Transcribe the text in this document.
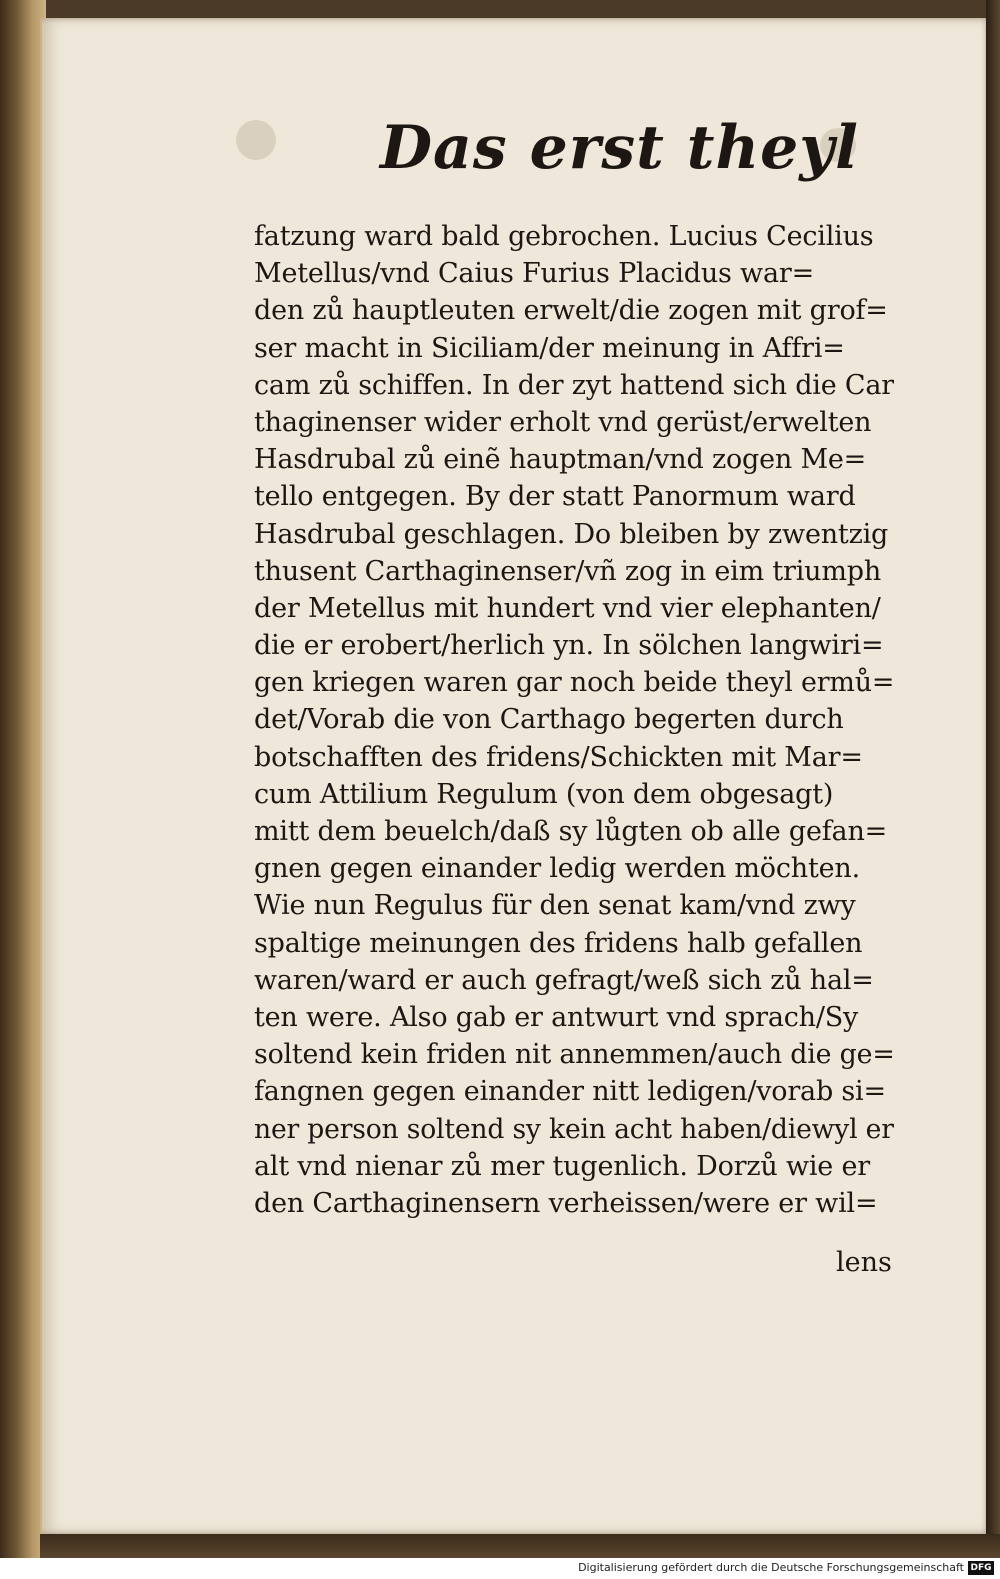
Das erst theyl
fatzung ward bald gebrochen. Lucius Cecilius
Metellus/vnd Caius Furius Placidus war=
den zů hauptleuten erwelt/die zogen mit grof=
ser macht in Siciliam/der meinung in Affri=
cam zů schiffen. In der zyt hattend sich die Car
thaginenser wider erholt vnd gerüst/erwelten
Hasdrubal zů einẽ hauptman/vnd zogen Me=
tello entgegen. By der statt Panormum ward
Hasdrubal geschlagen. Do bleiben by zwentzig
thusent Carthaginenser/vñ zog in eim triumph
der Metellus mit hundert vnd vier elephanten/
die er erobert/herlich yn. In sölchen langwiri=
gen kriegen waren gar noch beide theyl ermů=
det/Vorab die von Carthago begerten durch
botschafften des fridens/Schickten mit Mar=
cum Attilium Regulum (von dem obgesagt)
mitt dem beuelch/daß sy lůgten ob alle gefan=
gnen gegen einander ledig werden möchten.
Wie nun Regulus für den senat kam/vnd zwy
spaltige meinungen des fridens halb gefallen
waren/ward er auch gefragt/weß sich zů hal=
ten were. Also gab er antwurt vnd sprach/Sy
soltend kein friden nit annemmen/auch die ge=
fangnen gegen einander nitt ledigen/vorab si=
ner person soltend sy kein acht haben/diewyl er
alt vnd nienar zů mer tugenlich. Dorzů wie er
den Carthaginensern verheissen/were er wil=
lens
Digitalisierung gefördert durch die Deutsche Forschungsgemeinschaft DFG
